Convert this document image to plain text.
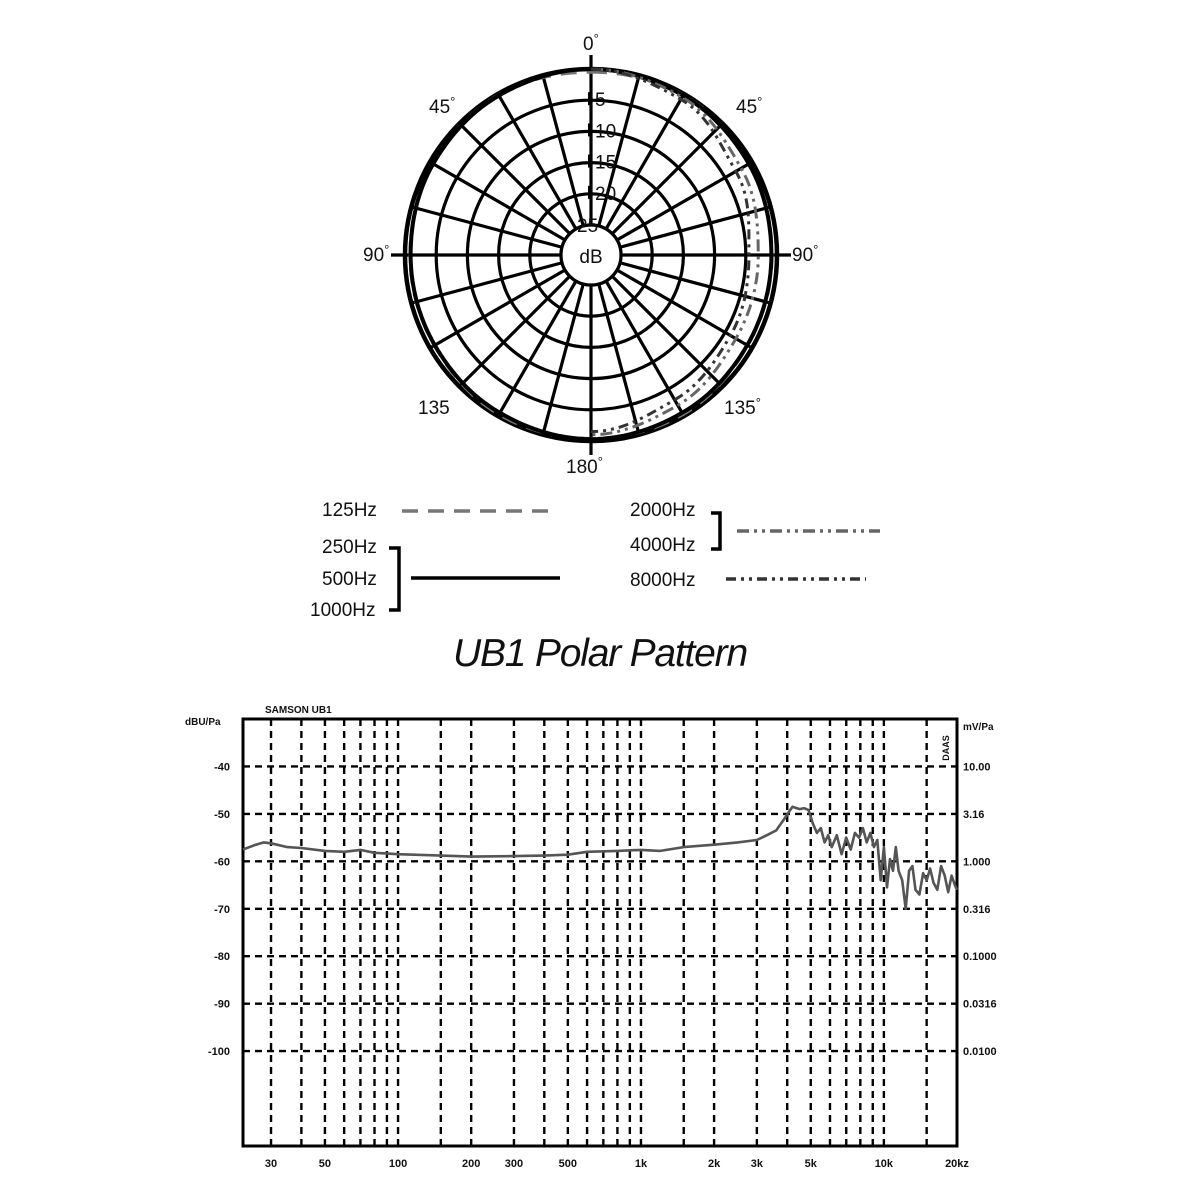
5
10
15
20
25
dB
0°
45°	45°
90°	90°
135	135°
180°
125Hz
250Hz
500Hz
1000Hz
2000Hz
4000Hz
8000Hz
UB1 Polar Pattern
SAMSON UB1
dBU/Pa	mV/Pa
DAAS
-40	10.00
-50	3.16
-60	1.000
-70	0.316
-80	0.1000
-90	0.0316
-100	0.0100
30	50	100	200 300	500	1k	2k	3k	5k	10k	20kz
